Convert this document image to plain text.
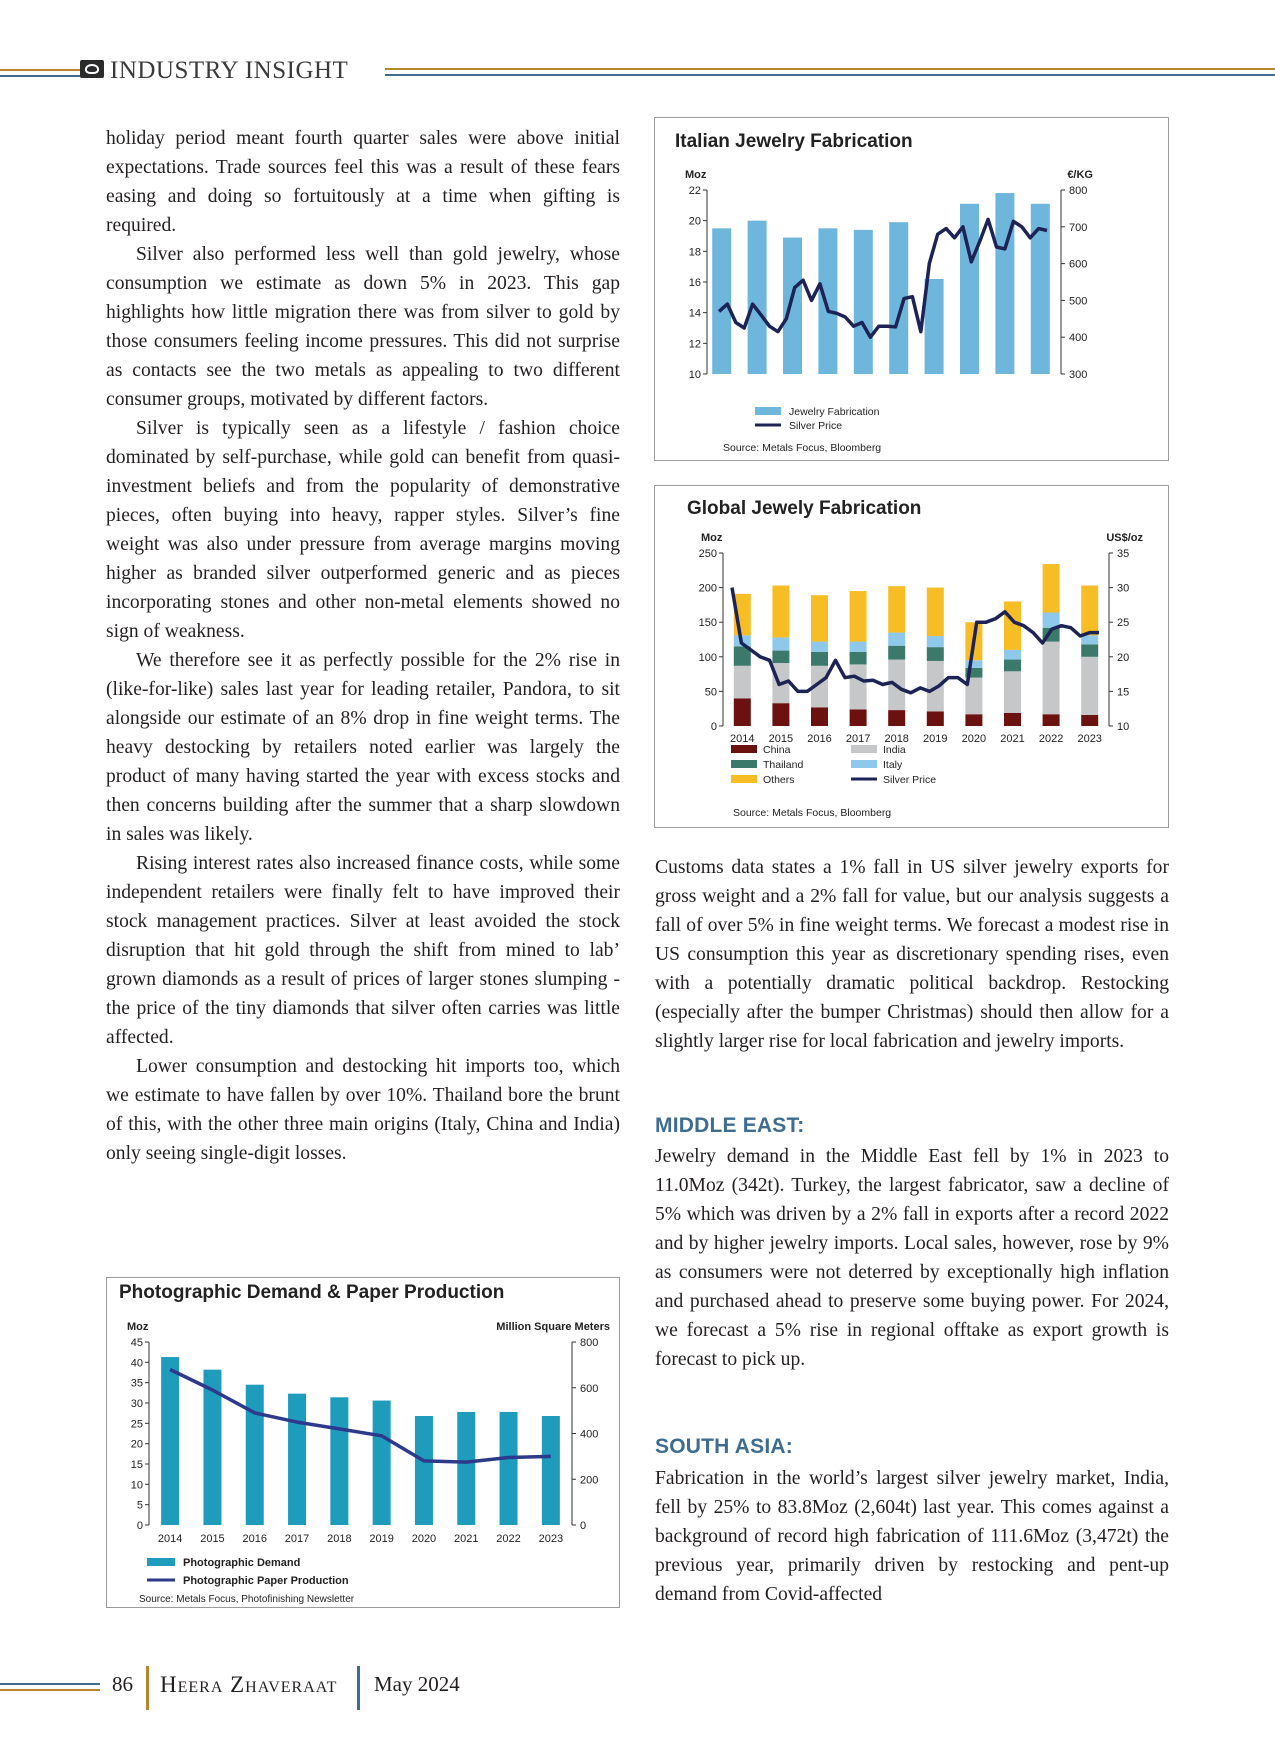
INDUSTRY INSIGHT

holiday period meant fourth quarter sales were above initial expectations. Trade sources feel this was a result of these fears easing and doing so fortuitously at a time when gifting is required.

Silver also performed less well than gold jewelry, whose consumption we estimate as down 5% in 2023. This gap highlights how little migration there was from silver to gold by those consumers feeling income pressures. This did not surprise as contacts see the two metals as appealing to two different consumer groups, motivated by different factors.

Silver is typically seen as a lifestyle / fashion choice dominated by self-purchase, while gold can benefit from quasi-investment beliefs and from the popularity of demonstrative pieces, often buying into heavy, rapper styles. Silver’s fine weight was also under pressure from average margins moving higher as branded silver outperformed generic and as pieces incorporating stones and other non-metal elements showed no sign of weakness.

We therefore see it as perfectly possible for the 2% rise in (like-for-like) sales last year for leading retailer, Pandora, to sit alongside our estimate of an 8% drop in fine weight terms. The heavy destocking by retailers noted earlier was largely the product of many having started the year with excess stocks and then concerns building after the summer that a sharp slowdown in sales was likely.

Rising interest rates also increased finance costs, while some independent retailers were finally felt to have improved their stock management practices. Silver at least avoided the stock disruption that hit gold through the shift from mined to lab’ grown diamonds as a result of prices of larger stones slumping - the price of the tiny diamonds that silver often carries was little affected.

Lower consumption and destocking hit imports too, which we estimate to have fallen by over 10%. Thailand bore the brunt of this, with the other three main origins (Italy, China and India) only seeing single-digit losses.

Italian Jewelry Fabrication
10
12
14
16
18
20
22
300
400
500
600
700
800
Moz	€/KG
Jewelry Fabrication
Silver Price
Source: Metals Focus, Bloomberg
Global Jewely Fabrication
0
50
100
150
200
250
10
15
20
25
30
35
Moz	US$/oz
2014 2015 2016 2017 2018 2019 2020 2021 2022 2023
China	India
Thailand	Italy
Others	Silver Price
Source: Metals Focus, Bloomberg
Photographic Demand & Paper Production
0
5
10
15
20
25
30
35
40
45
0
200
400
600
800
Moz	Million Square Meters
2014 2015 2016 2017 2018 2019 2020 2021 2022 2023
Photographic Demand
Photographic Paper Production
Source: Metals Focus, Photofinishing Newsletter

Customs data states a 1% fall in US silver jewelry exports for gross weight and a 2% fall for value, but our analysis suggests a fall of over 5% in fine weight terms. We forecast a modest rise in US consumption this year as discretionary spending rises, even with a potentially dramatic political backdrop. Restocking (especially after the bumper Christmas) should then allow for a slightly larger rise for local fabrication and jewelry imports.

MIDDLE EAST:

Jewelry demand in the Middle East fell by 1% in 2023 to 11.0Moz (342t). Turkey, the largest fabricator, saw a decline of 5% which was driven by a 2% fall in exports after a record 2022 and by higher jewelry imports. Local sales, however, rose by 9% as consumers were not deterred by exceptionally high inflation and purchased ahead to preserve some buying power. For 2024, we forecast a 5% rise in regional offtake as export growth is forecast to pick up.

SOUTH ASIA:

Fabrication in the world’s largest silver jewelry market, India, fell by 25% to 83.8Moz (2,604t) last year. This comes against a background of record high fabrication of 111.6Moz (3,472t) the previous year, primarily driven by restocking and pent-up demand from Covid-affected

86 Heera Zhaveraat May 2024
